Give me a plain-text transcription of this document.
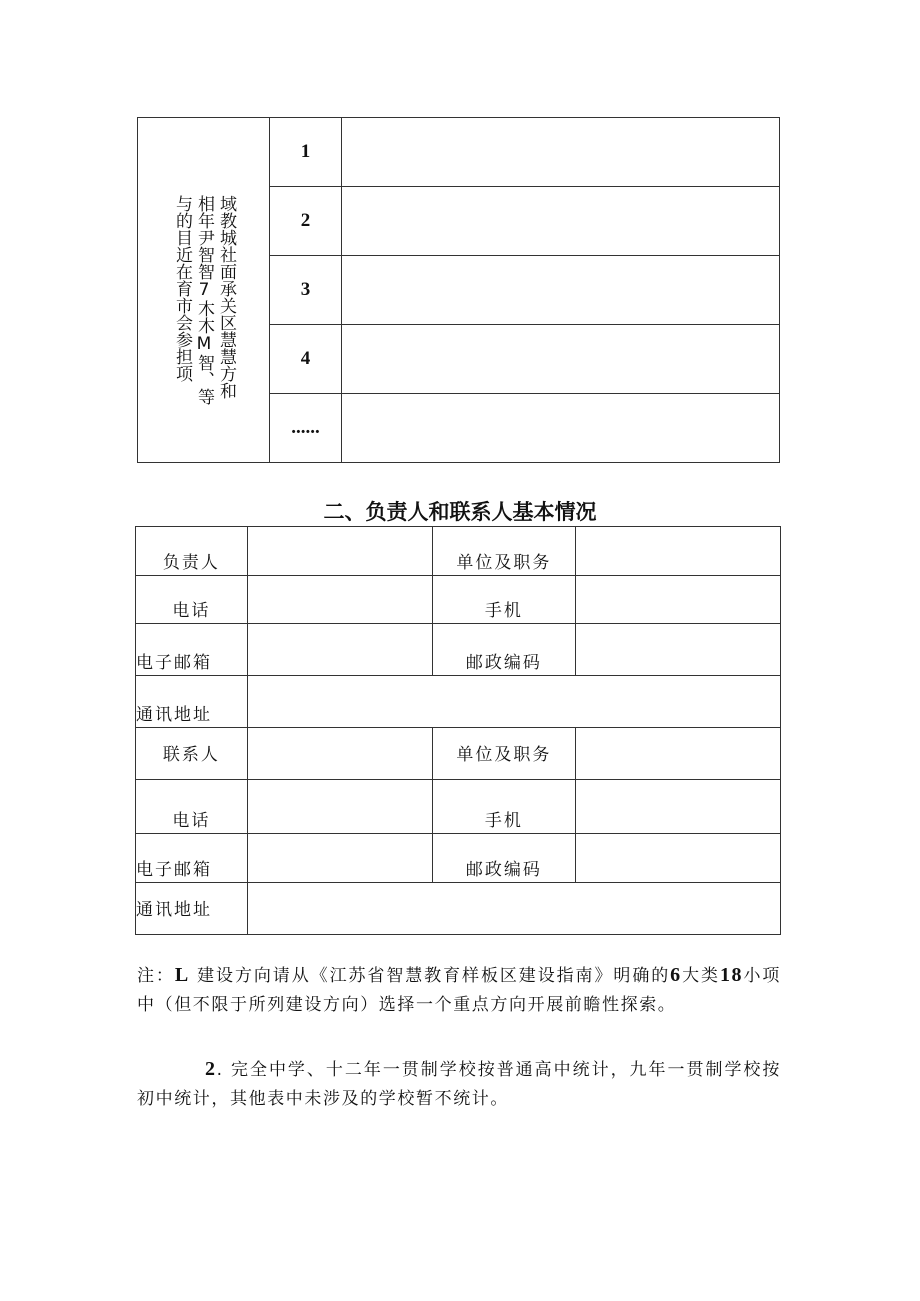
域教城社面承关区慧慧方和
相年尹智智7木木M智、等
与的目近在育市会参担项	1	
	2	
	3	
	4	
	......	
二、负责人和联系人基本情况
负责人		单位及职务	
电话		手机	
电子邮箱		邮政编码	
通讯地址			
联系人		单位及职务	
电话		手机	
电子邮箱		邮政编码	
通讯地址			
注：L 建设方向请从《江苏省智慧教育样板区建设指南》明确的6大类18小项中（但不限于所列建设方向）选择一个重点方向开展前瞻性探索。
2. 完全中学、十二年一贯制学校按普通高中统计，九年一贯制学校按初中统计，其他表中未涉及的学校暂不统计。
